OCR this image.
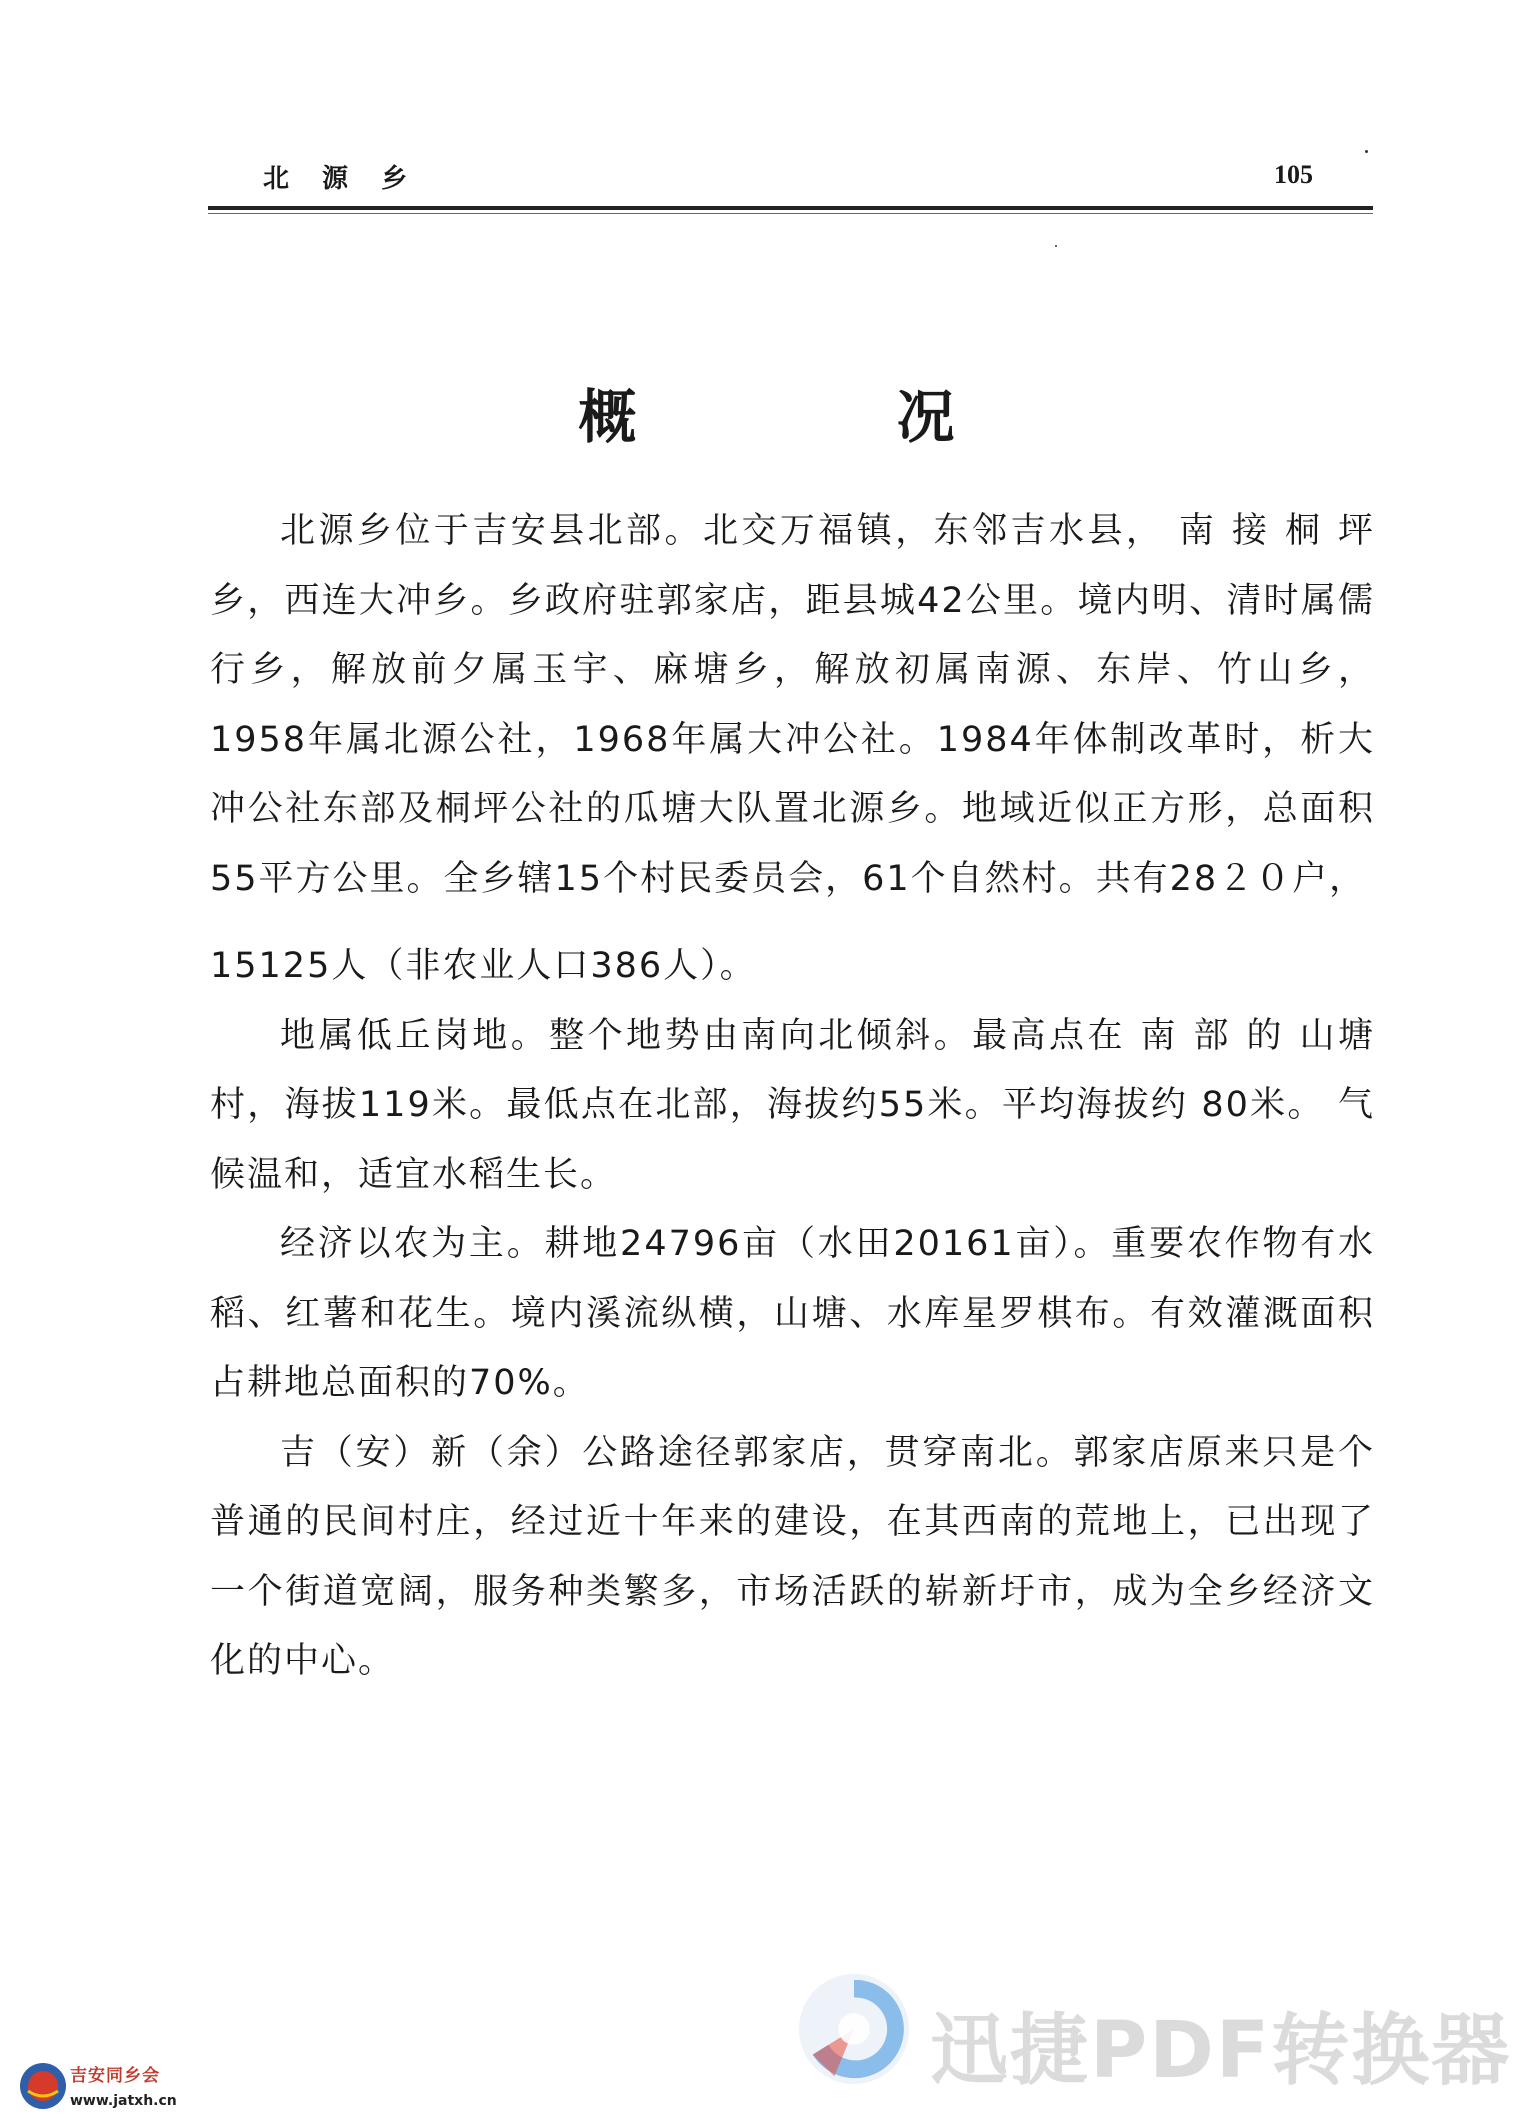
北 源 乡	105
概 况

北源乡位于吉安县北部。北交万福镇，东邻吉水县， 南 接 桐 坪乡，西连大冲乡。乡政府驻郭家店，距县城42公里。境内明、清时属儒行乡，解放前夕属玉宇、麻塘乡，解放初属南源、东岸、竹山乡，1958年属北源公社，1968年属大冲公社。1984年体制改革时，析大冲公社东部及桐坪公社的瓜塘大队置北源乡。地域近似正方形，总面积55平方公里。全乡辖15个村民委员会，61个自然村。共有28２０户，

15125人（非农业人口386人）。

地属低丘岗地。整个地势由南向北倾斜。最高点在 南 部 的 山塘村，海拔119米。最低点在北部，海拔约55米。平均海拔约 80米。 气候温和，适宜水稻生长。

经济以农为主。耕地24796亩（水田20161亩）。重要农作物有水稻、红薯和花生。境内溪流纵横，山塘、水库星罗棋布。有效灌溉面积占耕地总面积的70%。

吉（安）新（余）公路途径郭家店，贯穿南北。郭家店原来只是个普通的民间村庄，经过近十年来的建设，在其西南的荒地上，已出现了一个街道宽阔，服务种类繁多，市场活跃的崭新圩市，成为全乡经济文化的中心。

迅捷PDF转换器
吉安同乡会
www.jatxh.cn
